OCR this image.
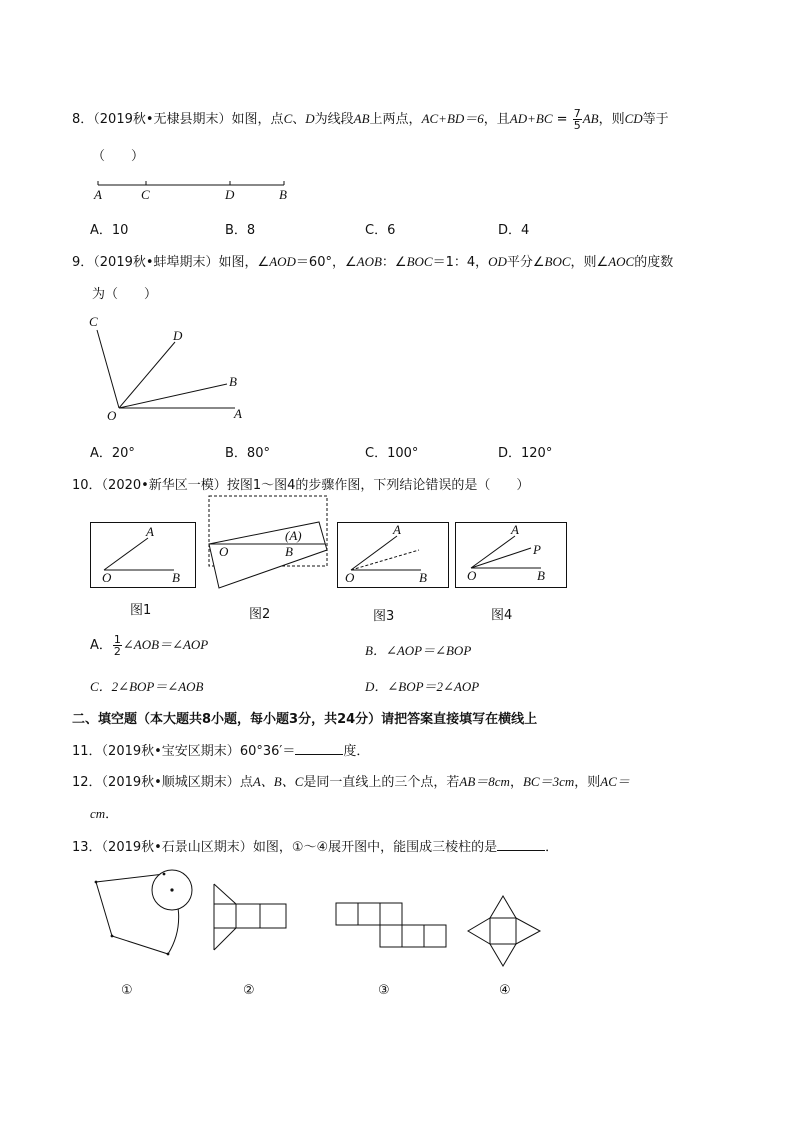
8．（2019秋•无棣县期末）如图，点C、D为线段AB上两点，AC+BD＝6，且$AD+BC = \frac{7}{5}$ AB，则CD等于
（　　）
A	C	D	B
A．10	B．8	C．6	D．4
9．（2019秋•蚌埠期末）如图，∠AOD＝60°，∠AOB：∠BOC＝1：4，OD平分∠BOC，则∠AOC的度数
为（　　）
C
D
B
O	A
A．20°	B．80°	C．100°	D．120°
10．（2020•新华区一模）按图1～图4的步骤作图，下列结论错误的是（　　）
A
O	B
O	B
(A)	A
O	B
A
P
O	B
图1	图2	图3	图4
A． $\frac{1}{2}$ ∠AOB＝∠AOP	B．∠AOP＝∠BOP
C．2∠BOP＝∠AOB	D．∠BOP＝2∠AOP
二、填空题（本大题共8小题，每小题3分，共24分）请把答案直接填写在横线上
11．（2019秋•宝安区期末）60°36′＝	度．
12．（2019秋•顺城区期末）点A、B、C是同一直线上的三个点，若AB＝8cm，BC＝3cm，则AC＝
cm．
13．（2019秋•石景山区期末）如图，①～④展开图中，能围成三棱柱的是	．
①	②	③	④
